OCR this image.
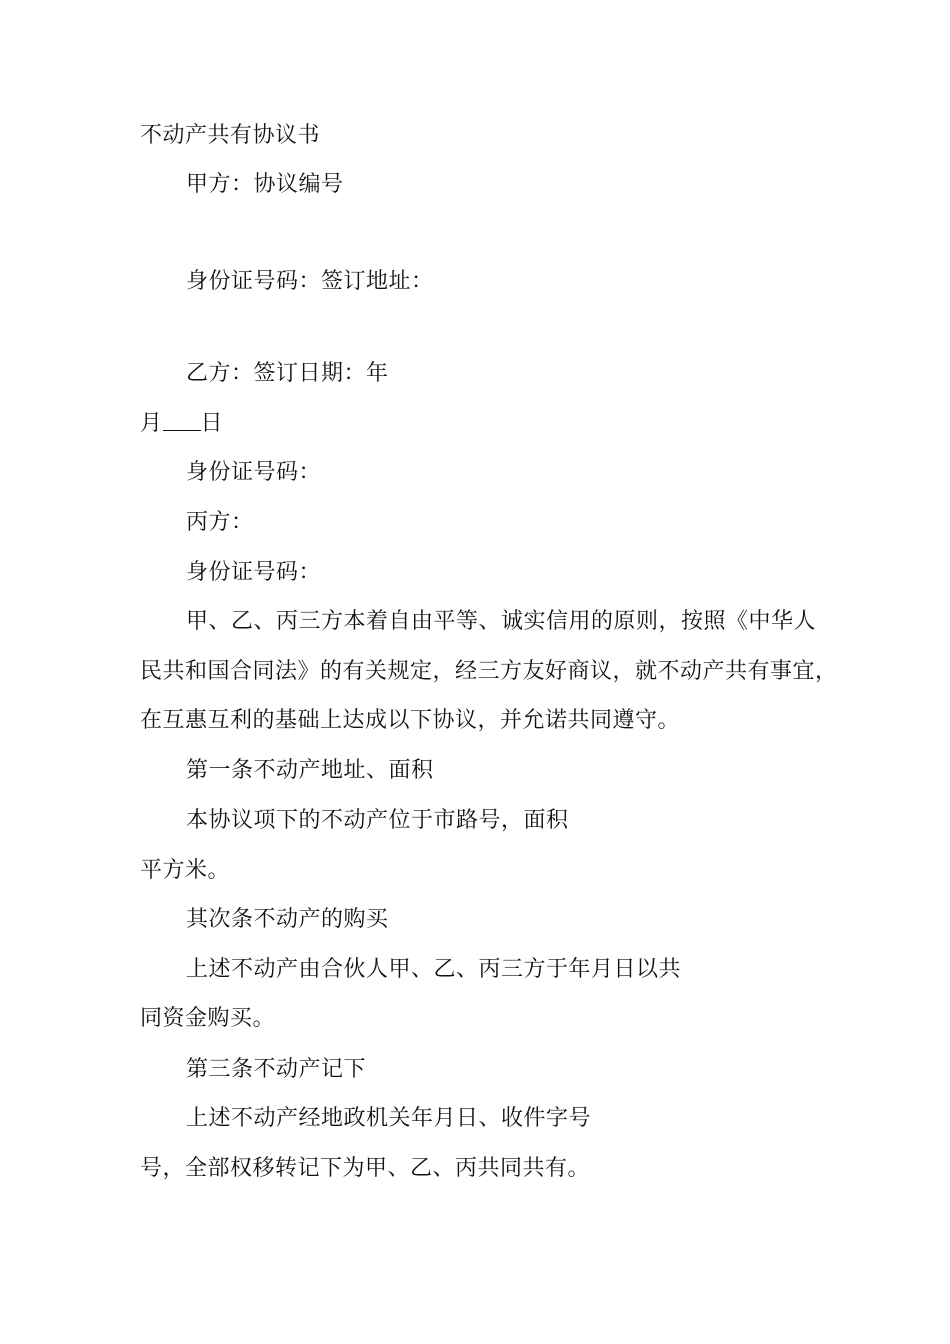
不动产共有协议书
甲方：协议编号
身份证号码：签订地址：
乙方：签订日期：年
月 日
身份证号码：
丙方：
身份证号码：
甲、乙、丙三方本着自由平等、诚实信用的原则，按照《中华人
民共和国合同法》的有关规定，经三方友好商议，就不动产共有事宜，
在互惠互利的基础上达成以下协议，并允诺共同遵守。
第一条不动产地址、面积
本协议项下的不动产位于市路号，面积
平方米。
其次条不动产的购买
上述不动产由合伙人甲、乙、丙三方于年月日以共
同资金购买。
第三条不动产记下
上述不动产经地政机关年月日、收件字号
号，全部权移转记下为甲、乙、丙共同共有。
